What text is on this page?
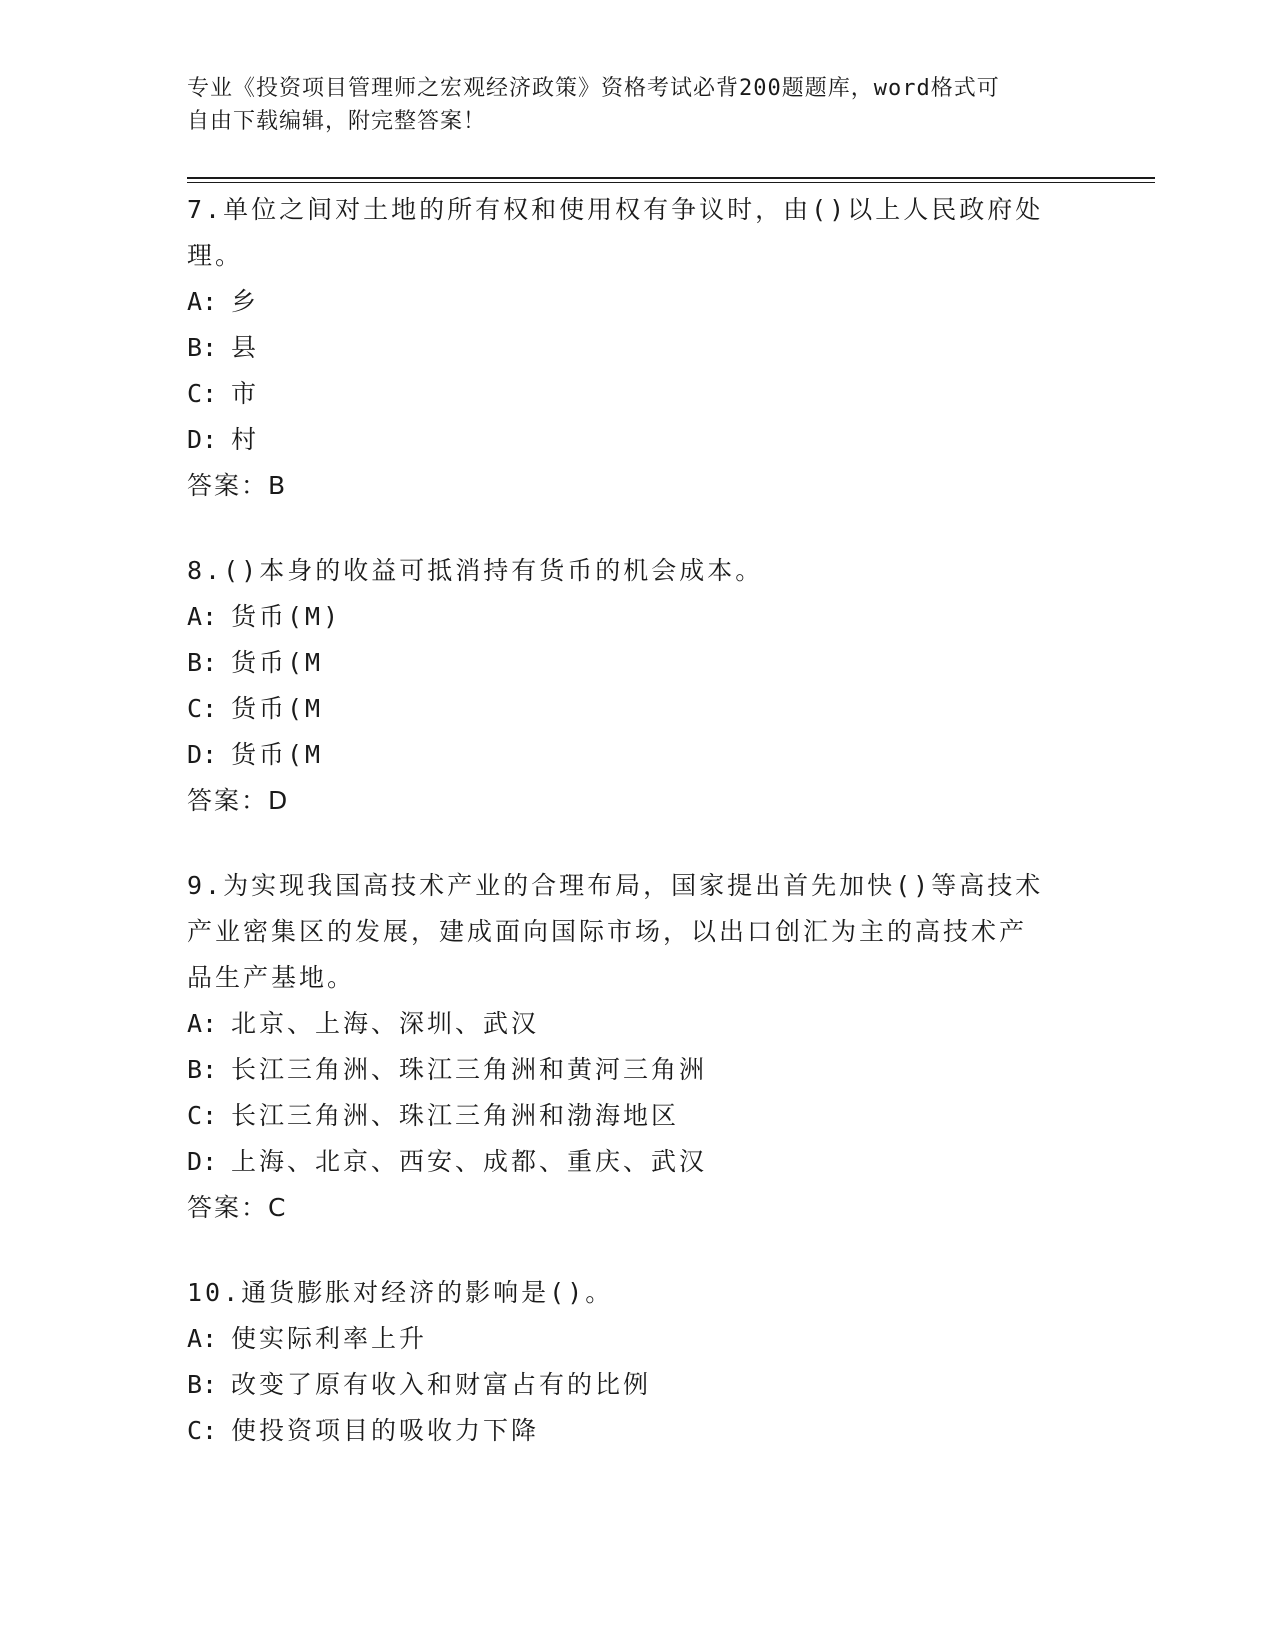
专业《投资项目管理师之宏观经济政策》资格考试必背200题题库，word格式可
自由下载编辑，附完整答案！
7.单位之间对土地的所有权和使用权有争议时，由()以上人民政府处
理。
A: 乡
B: 县
C: 市
D: 村
答案：B
8.()本身的收益可抵消持有货币的机会成本。
A: 货币(M)
B: 货币(M
C: 货币(M
D: 货币(M
答案：D
9.为实现我国高技术产业的合理布局，国家提出首先加快()等高技术
产业密集区的发展，建成面向国际市场，以出口创汇为主的高技术产
品生产基地。
A: 北京、上海、深圳、武汉
B: 长江三角洲、珠江三角洲和黄河三角洲
C: 长江三角洲、珠江三角洲和渤海地区
D: 上海、北京、西安、成都、重庆、武汉
答案：C
10.通货膨胀对经济的影响是()。
A: 使实际利率上升
B: 改变了原有收入和财富占有的比例
C: 使投资项目的吸收力下降
